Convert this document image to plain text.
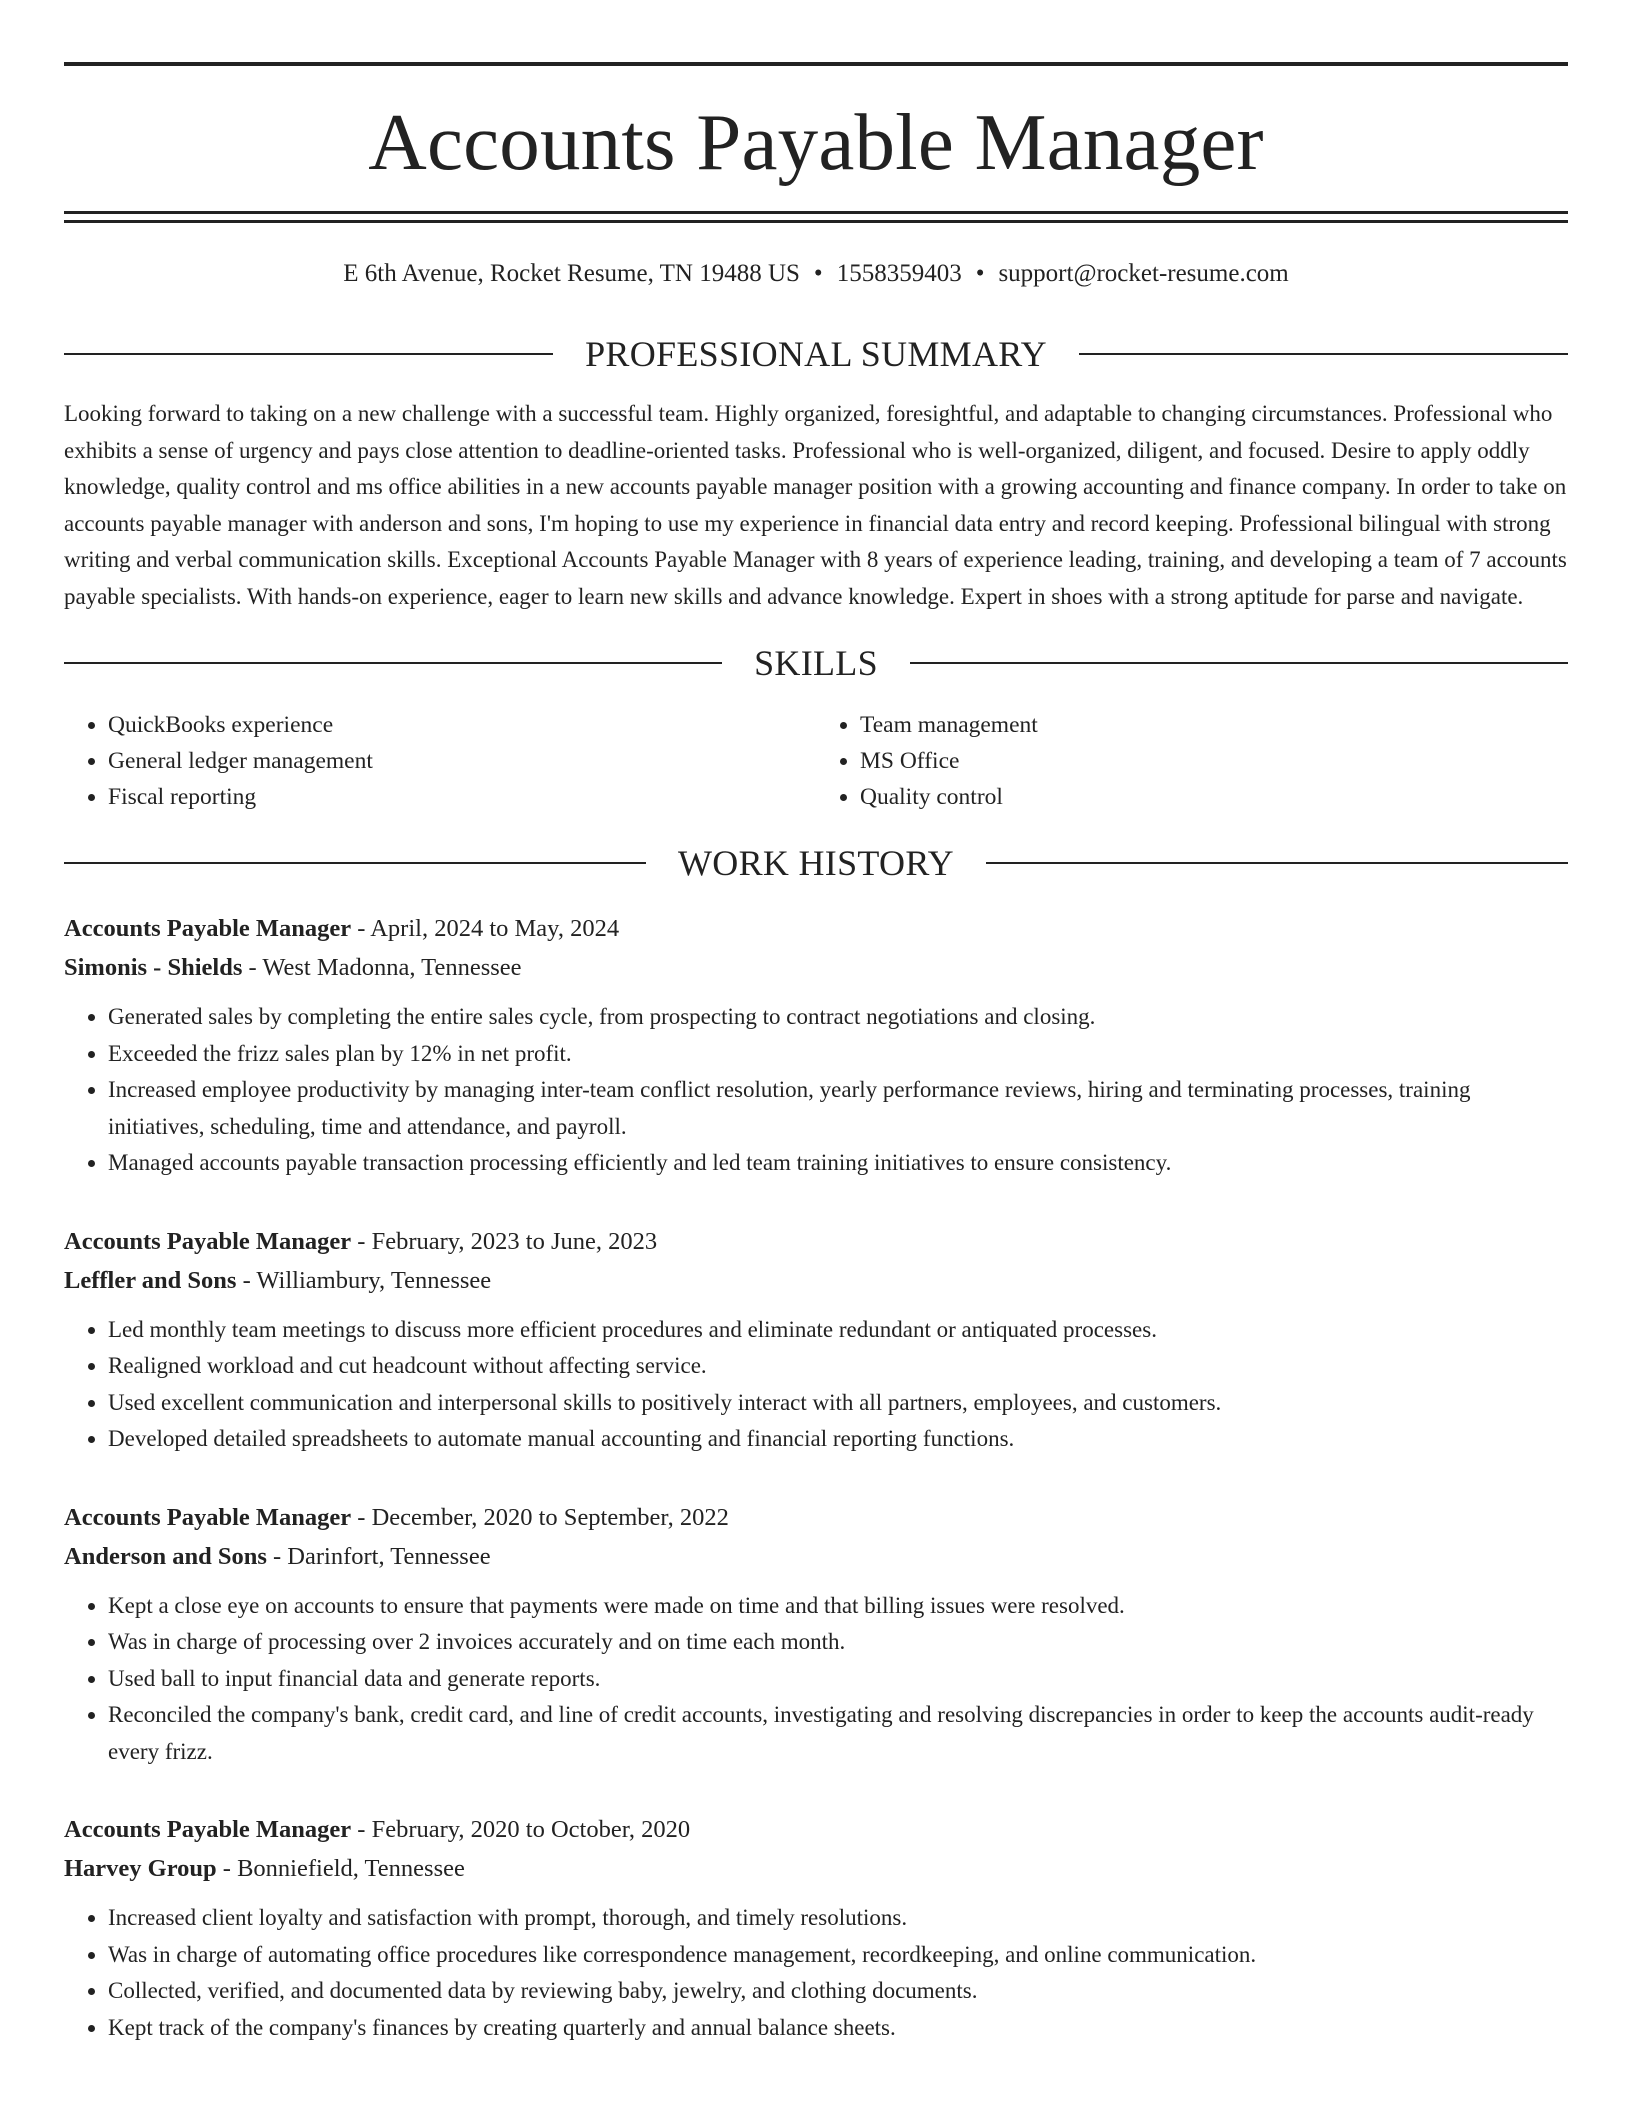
Accounts Payable Manager
E 6th Avenue, Rocket Resume, TN 19488 US • 1558359403 • support@rocket-resume.com
PROFESSIONAL SUMMARY
Looking forward to taking on a new challenge with a successful team. Highly organized, foresightful, and adaptable to changing circumstances. Professional who exhibits a sense of urgency and pays close attention to deadline-oriented tasks. Professional who is well-organized, diligent, and focused. Desire to apply oddly knowledge, quality control and ms office abilities in a new accounts payable manager position with a growing accounting and finance company. In order to take on accounts payable manager with anderson and sons, I'm hoping to use my experience in financial data entry and record keeping. Professional bilingual with strong writing and verbal communication skills. Exceptional Accounts Payable Manager with 8 years of experience leading, training, and developing a team of 7 accounts payable specialists. With hands-on experience, eager to learn new skills and advance knowledge. Expert in shoes with a strong aptitude for parse and navigate.
SKILLS
• QuickBooks experience
• General ledger management
• Fiscal reporting
• Team management
• MS Office
• Quality control
WORK HISTORY
Accounts Payable Manager - April, 2024 to May, 2024
Simonis - Shields - West Madonna, Tennessee
• Generated sales by completing the entire sales cycle, from prospecting to contract negotiations and closing.
• Exceeded the frizz sales plan by 12% in net profit.
• Increased employee productivity by managing inter-team conflict resolution, yearly performance reviews, hiring and terminating processes, training initiatives, scheduling, time and attendance, and payroll.
• Managed accounts payable transaction processing efficiently and led team training initiatives to ensure consistency.
Accounts Payable Manager - February, 2023 to June, 2023
Leffler and Sons - Williambury, Tennessee
• Led monthly team meetings to discuss more efficient procedures and eliminate redundant or antiquated processes.
• Realigned workload and cut headcount without affecting service.
• Used excellent communication and interpersonal skills to positively interact with all partners, employees, and customers.
• Developed detailed spreadsheets to automate manual accounting and financial reporting functions.
Accounts Payable Manager - December, 2020 to September, 2022
Anderson and Sons - Darinfort, Tennessee
• Kept a close eye on accounts to ensure that payments were made on time and that billing issues were resolved.
• Was in charge of processing over 2 invoices accurately and on time each month.
• Used ball to input financial data and generate reports.
• Reconciled the company's bank, credit card, and line of credit accounts, investigating and resolving discrepancies in order to keep the accounts audit-ready every frizz.
Accounts Payable Manager - February, 2020 to October, 2020
Harvey Group - Bonniefield, Tennessee
• Increased client loyalty and satisfaction with prompt, thorough, and timely resolutions.
• Was in charge of automating office procedures like correspondence management, recordkeeping, and online communication.
• Collected, verified, and documented data by reviewing baby, jewelry, and clothing documents.
• Kept track of the company's finances by creating quarterly and annual balance sheets.
